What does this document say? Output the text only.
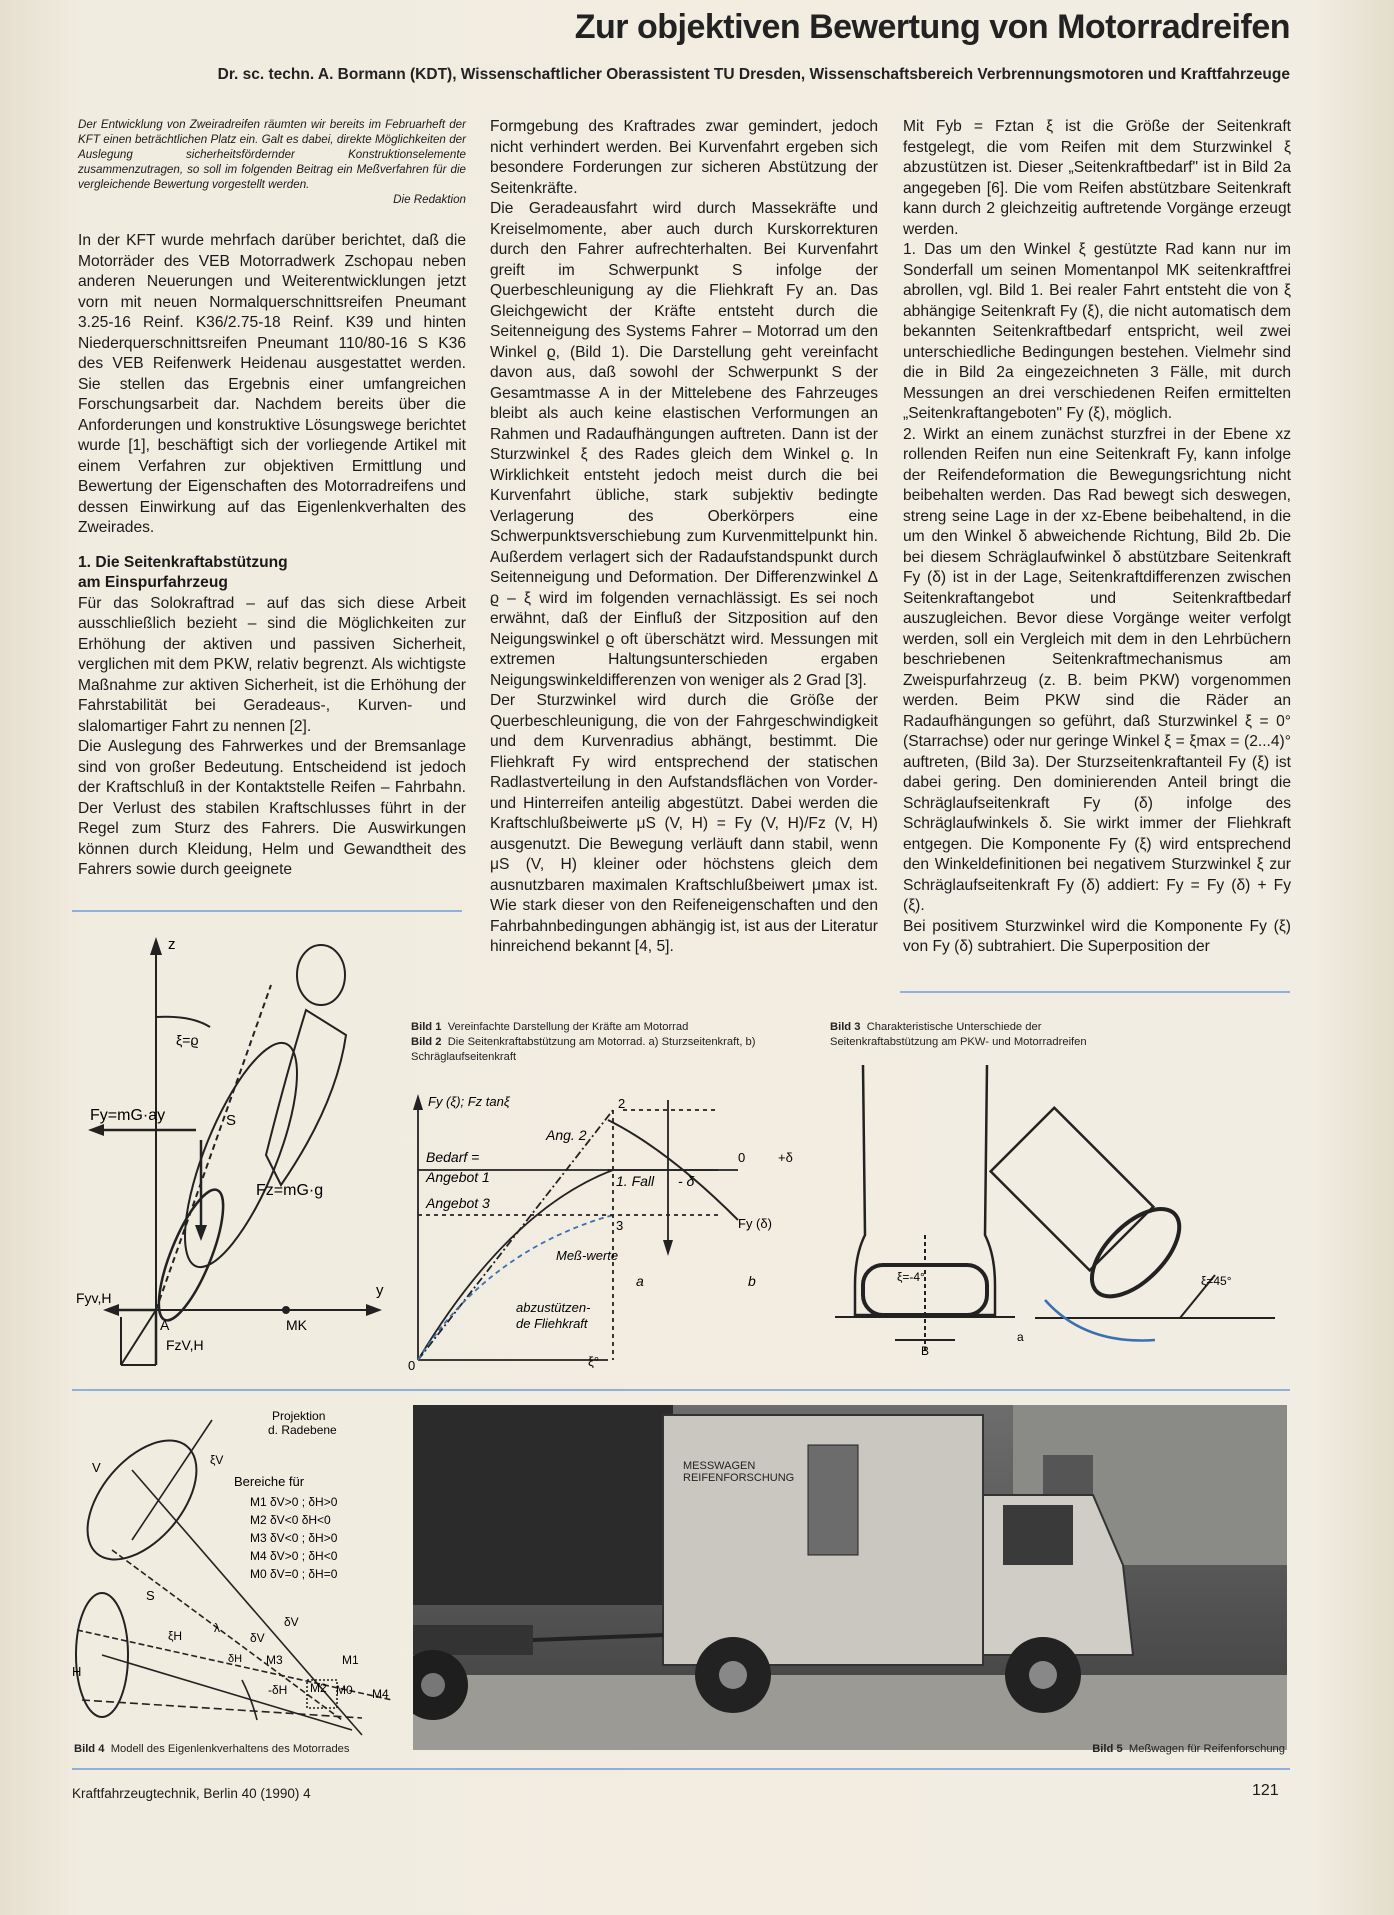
Zur objektiven Bewertung von Motorradreifen
Dr. sc. techn. A. Bormann (KDT), Wissenschaftlicher Oberassistent TU Dresden, Wissenschaftsbereich Verbrennungsmotoren und Kraftfahrzeuge
Der Entwicklung von Zweiradreifen räumten wir bereits im Februarheft der KFT einen beträchtlichen Platz ein. Galt es dabei, direkte Möglichkeiten der Auslegung sicherheitsfördernder Konstruktionselemente zusammenzutragen, so soll im folgenden Beitrag ein Meßverfahren für die vergleichende Bewertung vorgestellt werden.
Die Redaktion

In der KFT wurde mehrfach darüber berichtet, daß die Motorräder des VEB Motorradwerk Zschopau neben anderen Neuerungen und Weiterentwicklungen jetzt vorn mit neuen Normalquerschnittsreifen Pneumant 3.25-16 Reinf. K36/2.75-18 Reinf. K39 und hinten Niederquerschnittsreifen Pneumant 110/80-16 S K36 des VEB Reifenwerk Heidenau ausgestattet werden. Sie stellen das Ergebnis einer umfangreichen Forschungsarbeit dar. Nachdem bereits über die Anforderungen und konstruktive Lösungswege berichtet wurde [1], beschäftigt sich der vorliegende Artikel mit einem Verfahren zur objektiven Ermittlung und Bewertung der Eigenschaften des Motorradreifens und dessen Einwirkung auf das Eigenlenkverhalten des Zweirades.

1. Die Seitenkraftabstützung
am Einspurfahrzeug

Für das Solokraftrad – auf das sich diese Arbeit ausschließlich bezieht – sind die Möglichkeiten zur Erhöhung der aktiven und passiven Sicherheit, verglichen mit dem PKW, relativ begrenzt. Als wichtigste Maßnahme zur aktiven Sicherheit, ist die Erhöhung der Fahrstabilität bei Geradeaus-, Kurven- und slalomartiger Fahrt zu nennen [2].

Die Auslegung des Fahrwerkes und der Bremsanlage sind von großer Bedeutung. Entscheidend ist jedoch der Kraftschluß in der Kontaktstelle Reifen – Fahrbahn. Der Verlust des stabilen Kraftschlusses führt in der Regel zum Sturz des Fahrers. Die Auswirkungen können durch Kleidung, Helm und Gewandtheit des Fahrers sowie durch geeignete

Formgebung des Kraftrades zwar gemindert, jedoch nicht verhindert werden. Bei Kurvenfahrt ergeben sich besondere Forderungen zur sicheren Abstützung der Seitenkräfte.

Die Geradeausfahrt wird durch Massekräfte und Kreiselmomente, aber auch durch Kurskorrekturen durch den Fahrer aufrechterhalten. Bei Kurvenfahrt greift im Schwerpunkt S infolge der Querbeschleunigung ay die Fliehkraft Fy an. Das Gleichgewicht der Kräfte entsteht durch die Seitenneigung des Systems Fahrer – Motorrad um den Winkel ϱ, (Bild 1). Die Darstellung geht vereinfacht davon aus, daß sowohl der Schwerpunkt S der Gesamtmasse A in der Mittelebene des Fahrzeuges bleibt als auch keine elastischen Verformungen an Rahmen und Radaufhängungen auftreten. Dann ist der Sturzwinkel ξ des Rades gleich dem Winkel ϱ. In Wirklichkeit entsteht jedoch meist durch die bei Kurvenfahrt übliche, stark subjektiv bedingte Verlagerung des Oberkörpers eine Schwerpunktsverschiebung zum Kurvenmittelpunkt hin. Außerdem verlagert sich der Radaufstandspunkt durch Seitenneigung und Deformation. Der Differenzwinkel Δ ϱ – ξ wird im folgenden vernachlässigt. Es sei noch erwähnt, daß der Einfluß der Sitzposition auf den Neigungswinkel ϱ oft überschätzt wird. Messungen mit extremen Haltungsunterschieden ergaben Neigungswinkeldifferenzen von weniger als 2 Grad [3].

Der Sturzwinkel wird durch die Größe der Querbeschleunigung, die von der Fahrgeschwindigkeit und dem Kurvenradius abhängt, bestimmt. Die Fliehkraft Fy wird entsprechend der statischen Radlastverteilung in den Aufstandsflächen von Vorder- und Hinterreifen anteilig abgestützt. Dabei werden die Kraftschlußbeiwerte μS (V, H) = Fy (V, H)/Fz (V, H) ausgenutzt. Die Bewegung verläuft dann stabil, wenn μS (V, H) kleiner oder höchstens gleich dem ausnutzbaren maximalen Kraftschlußbeiwert μmax ist. Wie stark dieser von den Reifeneigenschaften und den Fahrbahnbedingungen abhängig ist, ist aus der Literatur hinreichend bekannt [4, 5].

Mit Fyb = Fztan ξ ist die Größe der Seitenkraft festgelegt, die vom Reifen mit dem Sturzwinkel ξ abzustützen ist. Dieser „Seitenkraftbedarf" ist in Bild 2a angegeben [6]. Die vom Reifen abstützbare Seitenkraft kann durch 2 gleichzeitig auftretende Vorgänge erzeugt werden.

1. Das um den Winkel ξ gestützte Rad kann nur im Sonderfall um seinen Momentanpol MK seitenkraftfrei abrollen, vgl. Bild 1. Bei realer Fahrt entsteht die von ξ abhängige Seitenkraft Fy (ξ), die nicht automatisch dem bekannten Seitenkraftbedarf entspricht, weil zwei unterschiedliche Bedingungen bestehen. Vielmehr sind die in Bild 2a eingezeichneten 3 Fälle, mit durch Messungen an drei verschiedenen Reifen ermittelten „Seitenkraftangeboten" Fy (ξ), möglich.

2. Wirkt an einem zunächst sturzfrei in der Ebene xz rollenden Reifen nun eine Seitenkraft Fy, kann infolge der Reifendeformation die Bewegungsrichtung nicht beibehalten werden. Das Rad bewegt sich deswegen, streng seine Lage in der xz-Ebene beibehaltend, in die um den Winkel δ abweichende Richtung, Bild 2b. Die bei diesem Schräglaufwinkel δ abstützbare Seitenkraft Fy (δ) ist in der Lage, Seitenkraftdifferenzen zwischen Seitenkraftangebot und Seitenkraftbedarf auszugleichen. Bevor diese Vorgänge weiter verfolgt werden, soll ein Vergleich mit dem in den Lehrbüchern beschriebenen Seitenkraftmechanismus am Zweispurfahrzeug (z. B. beim PKW) vorgenommen werden. Beim PKW sind die Räder an Radaufhängungen so geführt, daß Sturzwinkel ξ = 0° (Starrachse) oder nur geringe Winkel ξ = ξmax = (2...4)° auftreten, (Bild 3a). Der Sturzseitenkraftanteil Fy (ξ) ist dabei gering. Den dominierenden Anteil bringt die Schräglaufseitenkraft Fy (δ) infolge des Schräglaufwinkels δ. Sie wirkt immer der Fliehkraft entgegen. Die Komponente Fy (ξ) wird entsprechend den Winkeldefinitionen bei negativem Sturzwinkel ξ zur Schräglaufseitenkraft Fy (δ) addiert: Fy = Fy (δ) + Fy (ξ).

Bei positivem Sturzwinkel wird die Komponente Fy (ξ) von Fy (δ) subtrahiert. Die Superposition der

z
y
ξ=ϱ
Fy=mG·ay	S
Fz=mG·g
Fyv,H
A	MK
FzV,H
Bild 1 Vereinfachte Darstellung der Kräfte am Motorrad
Bild 2 Die Seitenkraftabstützung am Motorrad. a) Sturzseitenkraft, b) Schräglaufseitenkraft
Fy (ξ); Fz tanξ
Bedarf =
Angebot 1
Angebot 3
Ang. 2
1. Fall - δ
+δ
0
Fy (δ)
2
3
0	ξ°
Meß-werte
abzustützen-
de Fliehkraft
a	b
Bild 3 Charakteristische Unterschiede der Seitenkraftabstützung am PKW- und Motorradreifen
ξ=-4°	ξ=45°
B
a
Projektion
d. Radebene
ξV
V
Bereiche für
M1 δV>0 ; δH>0
M2 δV<0 δH<0
M3 δV<0 ; δH>0
M4 δV>0 ; δH<0
M0 δV=0 ; δH=0
S
ξH
λ
δV
δV
δH M3	M1
H
-δH M2 M0 M4
Bild 4 Modell des Eigenlenkverhaltens des Motorrades
MESSWAGEN
REIFENFORSCHUNG
Bild 5 Meßwagen für Reifenforschung
Kraftfahrzeugtechnik, Berlin 40 (1990) 4	121
